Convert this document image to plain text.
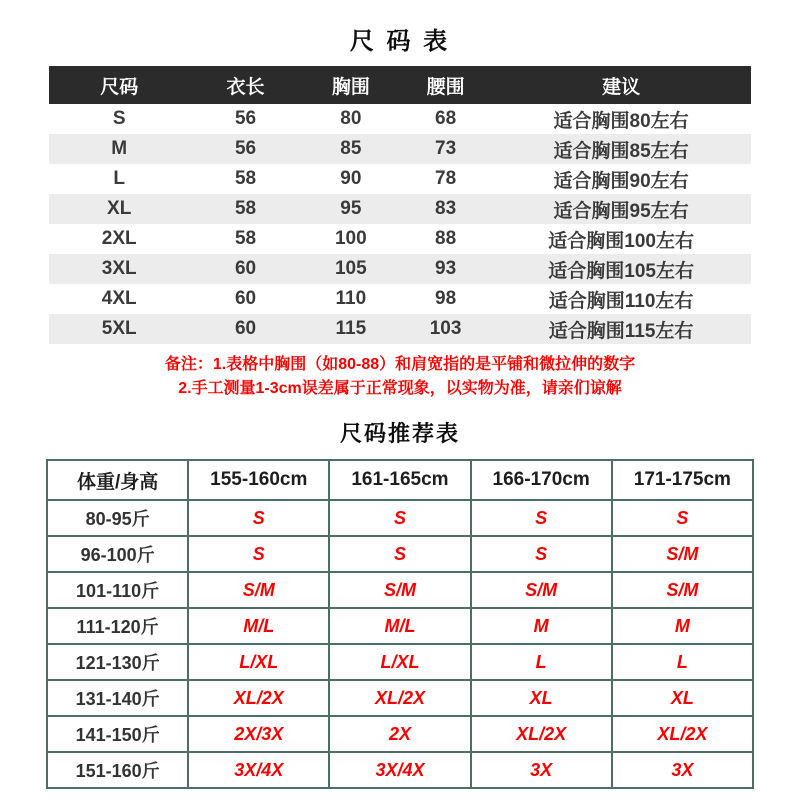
尺 码 表
尺码	衣长	胸围	腰围	建议
S	56	80	68	适合胸围80左右
M	56	85	73	适合胸围85左右
L	58	90	78	适合胸围90左右
XL	58	95	83	适合胸围95左右
2XL	58	100	88	适合胸围100左右
3XL	60	105	93	适合胸围105左右
4XL	60	110	98	适合胸围110左右
5XL	60	115	103	适合胸围115左右
备注：1.表格中胸围（如80-88）和肩宽指的是平铺和微拉伸的数字
2.手工测量1-3cm误差属于正常现象，以实物为准，请亲们谅解
尺码推荐表
体重/身高	155-160cm	161-165cm	166-170cm	171-175cm
80-95斤	S	S	S	S
96-100斤	S	S	S	S/M
101-110斤	S/M	S/M	S/M	S/M
111-120斤	M/L	M/L	M	M
121-130斤	L/XL	L/XL	L	L
131-140斤	XL/2X	XL/2X	XL	XL
141-150斤	2X/3X	2X	XL/2X	XL/2X
151-160斤	3X/4X	3X/4X	3X	3X
